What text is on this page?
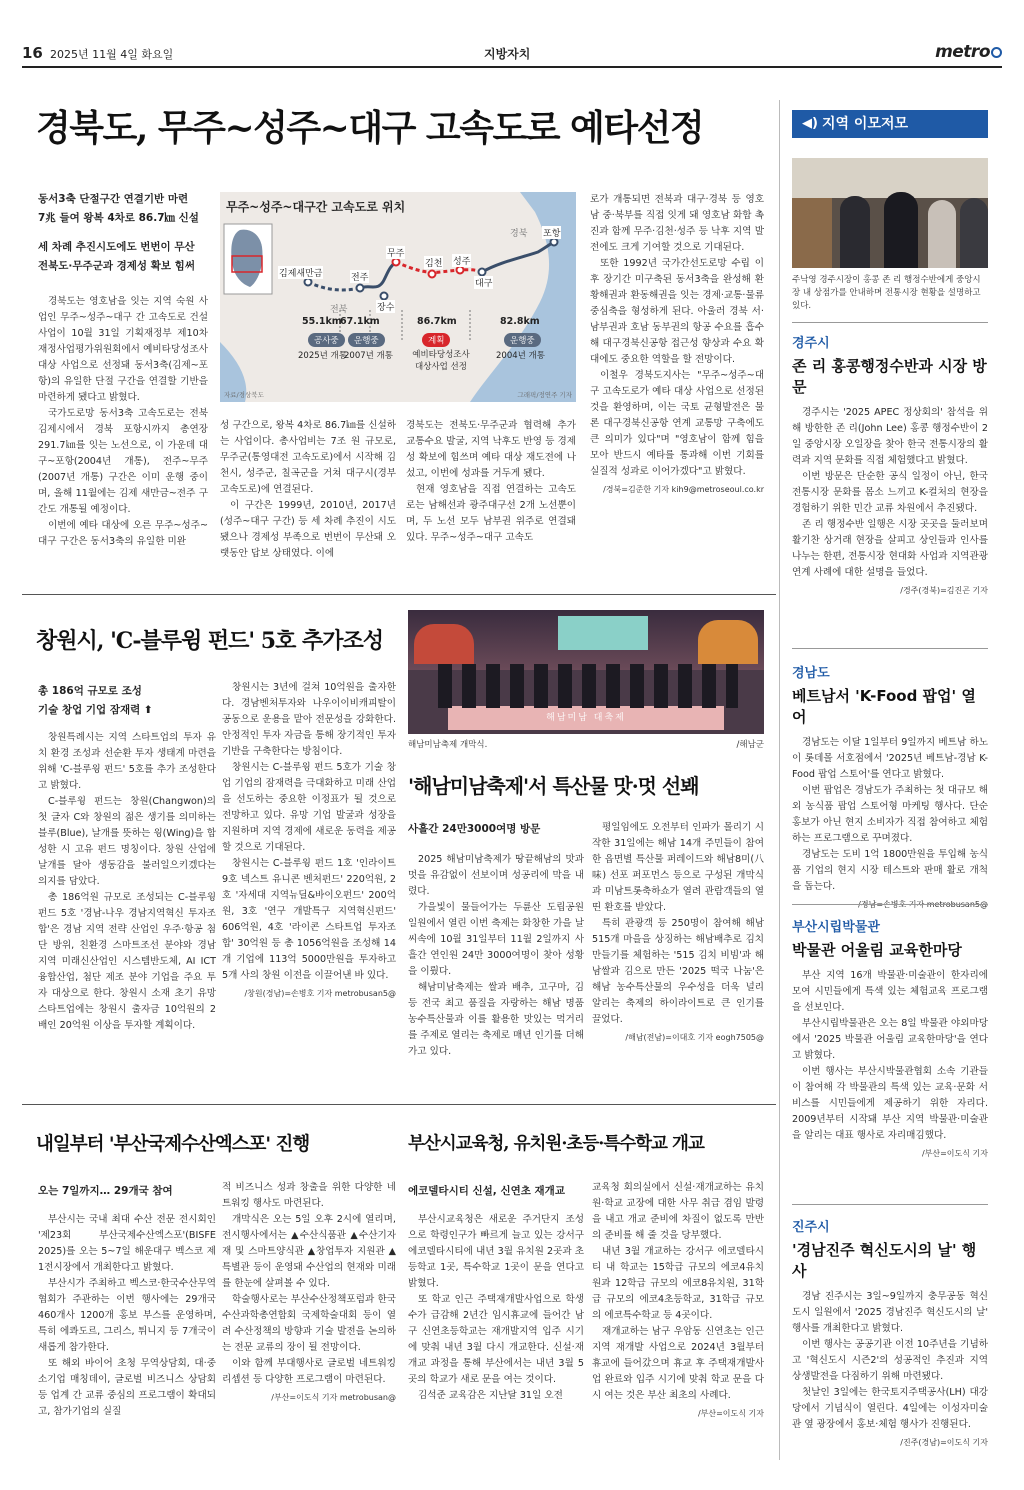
16 2025년 11월 4일 화요일	지방자치	metro
경북도, 무주~성주~대구 고속도로 예타선정
동서3축 단절구간 연결기반 마련
7兆 들여 왕복 4차로 86.7㎞ 신설
세 차례 추진시도에도 번번이 무산
전북도·무주군과 경제성 확보 힘써

경북도는 영호남을 잇는 지역 숙원 사업인 무주~성주~대구 간 고속도로 건설사업이 10월 31일 기획재정부 제10차 재정사업평가위원회에서 예비타당성조사 대상 사업으로 선정돼 동서3축(김제~포항)의 유일한 단절 구간을 연결할 기반을 마련하게 됐다고 밝혔다.

국가도로망 동서3축 고속도로는 전북 김제시에서 경북 포항시까지 총연장 291.7㎞를 잇는 노선으로, 이 가운데 대구~포항(2004년 개통), 전주~무주(2007년 개통) 구간은 이미 운행 중이며, 올해 11월에는 김제 새만금~전주 구간도 개통될 예정이다.

이번에 예타 대상에 오른 무주~성주~대구 구간은 동서3축의 유일한 미완

무주~성주~대구간 고속도로 위치
전북
경북
김제새만금	전주
무주
김천 성주
장수
대구
포항
55.1km
67.1km	86.7km	82.8km
공사중	운행중	계획	운행중
2025년 개통
2007년 개통	예비타당성조사
대상사업 선정
2004년 개통
자료/경상북도	그래픽/정연주 기자

성 구간으로, 왕복 4차로 86.7㎞를 신설하는 사업이다. 총사업비는 7조 원 규모로, 무주군(통영대전 고속도로)에서 시작해 김천시, 성주군, 칠곡군을 거쳐 대구시(경부고속도로)에 연결된다.

이 구간은 1999년, 2010년, 2017년(성주~대구 구간) 등 세 차례 추진이 시도됐으나 경제성 부족으로 번번이 무산돼 오랫동안 답보 상태였다. 이에

경북도는 전북도·무주군과 협력해 추가 교통수요 발굴, 지역 낙후도 반영 등 경제성 확보에 힘쓰며 예타 대상 재도전에 나섰고, 이번에 성과를 거두게 됐다.

현재 영호남을 직접 연결하는 고속도로는 남해선과 광주대구선 2개 노선뿐이며, 두 노선 모두 남부권 위주로 연결돼 있다. 무주~성주~대구 고속도

로가 개통되면 전북과 대구·경북 등 영호남 중·북부를 직접 잇게 돼 영호남 화합 촉진과 함께 무주·김천·성주 등 낙후 지역 발전에도 크게 기여할 것으로 기대된다.

또한 1992년 국가간선도로망 수립 이후 장기간 미구축된 동서3축을 완성해 환황해권과 환동해권을 잇는 경제·교통·물류 중심축을 형성하게 된다. 아울러 경북 서·남부권과 호남 동부권의 항공 수요를 흡수해 대구경북신공항 접근성 향상과 수요 확대에도 중요한 역할을 할 전망이다.

이철우 경북도지사는 "무주~성주~대구 고속도로가 예타 대상 사업으로 선정된 것을 환영하며, 이는 국토 균형발전은 물론 대구경북신공항 연계 교통망 구축에도 큰 의미가 있다"며 "영호남이 함께 힘을 모아 반드시 예타를 통과해 이번 기회를 실질적 성과로 이어가겠다"고 밝혔다.

/경북=김준한 기자 kih9@metroseoul.co.kr
창원시, 'C-블루윙 펀드' 5호 추가조성
총 186억 규모로 조성
기술 창업 기업 잠재력 ⬆

창원특례시는 지역 스타트업의 투자 유치 환경 조성과 선순환 투자 생태계 마련을 위해 'C-블루윙 펀드' 5호를 추가 조성한다고 밝혔다.

C-블루윙 펀드는 창원(Changwon)의 첫 글자 C와 창원의 젊은 생기를 의미하는 블루(Blue), 날개를 뜻하는 윙(Wing)을 합성한 시 고유 펀드 명칭이다. 창원 산업에 날개를 달아 생동감을 불러일으키겠다는 의지를 담았다.

총 186억원 규모로 조성되는 C-블루윙 펀드 5호 '경남-나우 경남지역혁신 투자조합'은 경남 지역 전략 산업인 우주·항공 첨단 방위, 친환경 스마트조선 분야와 경남 지역 미래신산업인 시스템반도체, AI ICT융합산업, 첨단 제조 분야 기업을 주요 투자 대상으로 한다. 창원시 소재 초기 유망 스타트업에는 창원시 출자금 10억원의 2배인 20억원 이상을 투자할 계획이다.

창원시는 3년에 걸쳐 10억원을 출자한다. 경남벤처투자와 나우이이비캐피탈이 공동으로 운용을 맡아 전문성을 강화한다. 안정적인 투자 자금을 통해 장기적인 투자 기반을 구축한다는 방침이다.

창원시는 C-블루윙 펀드 5호가 기술 창업 기업의 잠재력을 극대화하고 미래 산업을 선도하는 중요한 이정표가 될 것으로 전망하고 있다. 유망 기업 발굴과 성장을 지원하며 지역 경제에 새로운 동력을 제공할 것으로 기대된다.

창원시는 C-블루윙 펀드 1호 '인라이트 9호 넥스트 유니콘 벤처펀드' 220억원, 2호 '자세대 지역뉴딜&바이오펀드' 200억원, 3호 '연구 개발특구 지역혁신펀드' 606억원, 4호 '라이콘 스타트업 투자조합' 30억원 등 총 1056억원을 조성해 14개 기업에 113억 5000만원을 투자하고 5개 사의 창원 이전을 이끌어낸 바 있다.

/창원(경남)=손병호 기자 metrobusan5@
해남미남 대축제
해남미남축제 개막식.	/해남군
'해남미남축제'서 특산물 맛·멋 선봬
사흘간 24만3000여명 방문

2025 해남미남축제가 땅끝해남의 맛과 멋을 유감없이 선보이며 성공리에 막을 내렸다.

가을빛이 물들어가는 두륜산 도립공원 일원에서 열린 이번 축제는 화창한 가을 날씨속에 10월 31일부터 11월 2일까지 사흘간 연인원 24만 3000여명이 찾아 성황을 이뤘다.

해남미남축제는 쌀과 배추, 고구마, 김 등 전국 최고 품질을 자랑하는 해남 명품 농수특산물과 이를 활용한 맛있는 먹거리를 주제로 열리는 축제로 매년 인기를 더해가고 있다.

평일임에도 오전부터 인파가 몰리기 시작한 31일에는 해남 14개 주민들이 참여한 읍면별 특산물 퍼레이드와 해남8미(八味) 선포 퍼포먼스 등으로 구성된 개막식과 미남트롯축하쇼가 열려 관람객들의 열띤 환호를 받았다.

특히 관광객 등 250명이 참여해 해남 515개 마을을 상징하는 해남배추로 김치만들기를 체험하는 '515 김치 비빔'과 해남쌀과 김으로 만든 '2025 떡국 나눔'은 해남 농수특산물의 우수성을 더욱 널리 알리는 축제의 하이라이트로 큰 인기를 끌었다.

/해남(전남)=이대호 기자 eogh7505@
내일부터 '부산국제수산엑스포' 진행
오는 7일까지… 29개국 참여

부산시는 국내 최대 수산 전문 전시회인 '제23회 부산국제수산엑스포'(BISFE 2025)를 오는 5~7일 해운대구 벡스코 제1전시장에서 개최한다고 밝혔다.

부산시가 주최하고 벡스코·한국수산무역협회가 주관하는 이번 행사에는 29개국 460개사 1200개 홍보 부스를 운영하며, 특히 에콰도르, 그리스, 튀니지 등 7개국이 새롭게 참가한다.

또 해외 바이어 초청 무역상담회, 대·중소기업 매칭데이, 글로벌 비즈니스 상담회 등 업계 간 교류 중심의 프로그램이 확대되고, 참가기업의 실질

적 비즈니스 성과 창출을 위한 다양한 네트워킹 행사도 마련된다.

개막식은 오는 5일 오후 2시에 열리며, 전시행사에서는 ▲수산식품관 ▲수산기자재 및 스마트양식관 ▲창업투자 지원관 ▲특별관 등이 운영돼 수산업의 현재와 미래를 한눈에 살펴볼 수 있다.

학술행사로는 부산수산정책포럼과 한국수산과학총연합회 국제학술대회 등이 열려 수산정책의 방향과 기술 발전을 논의하는 전문 교류의 장이 될 전망이다.

이와 함께 부대행사로 글로벌 네트워킹 리셉션 등 다양한 프로그램이 마련된다.

/부산=이도식 기자 metrobusan@
부산시교육청, 유치원·초등·특수학교 개교
에코델타시티 신설, 신연초 재개교

부산시교육청은 새로운 주거단지 조성으로 학령인구가 빠르게 늘고 있는 강서구 에코델타시티에 내년 3월 유치원 2곳과 초등학교 1곳, 특수학교 1곳이 문을 연다고 밝혔다.

또 학교 인근 주택재개발사업으로 학생 수가 급감해 2년간 임시휴교에 들어간 남구 신연초등학교는 재개발지역 입주 시기에 맞춰 내년 3월 다시 개교한다. 신설·재개교 과정을 통해 부산에서는 내년 3월 5곳의 학교가 새로 문을 여는 것이다.

김석준 교육감은 지난달 31일 오전

교육청 회의실에서 신설·재개교하는 유치원·학교 교장에 대한 사무 취급 겸임 발령을 내고 개교 준비에 차질이 없도록 만반의 준비를 해 줄 것을 당부했다.

내년 3월 개교하는 강서구 에코델타시티 내 학교는 15학급 규모의 에코4유치원과 12학급 규모의 에코8유치원, 31학급 규모의 에코4초등학교, 31학급 규모의 에코특수학교 등 4곳이다.

재개교하는 남구 우암동 신연초는 인근 지역 재개발 사업으로 2024년 3월부터 휴교에 들어갔으며 휴교 후 주택재개발사업 완료와 입주 시기에 맞춰 학교 문을 다시 여는 것은 부산 최초의 사례다.

/부산=이도식 기자
◀) 지역 이모저모
주낙영 경주시장이 홍콩 존 리 행정수반에게 중앙시장 내 상점가를 안내하며 전통시장 현황을 설명하고 있다.
경주시
존 리 홍콩행정수반과 시장 방문

경주시는 '2025 APEC 정상회의' 참석을 위해 방한한 존 리(John Lee) 홍콩 행정수반이 2일 중앙시장 오일장을 찾아 한국 전통시장의 활력과 지역 문화를 직접 체험했다고 밝혔다.

이번 방문은 단순한 공식 일정이 아닌, 한국 전통시장 문화를 몸소 느끼고 K-컬처의 현장을 경험하기 위한 민간 교류 차원에서 추진됐다.

존 리 행정수반 일행은 시장 곳곳을 둘러보며 활기찬 상거래 현장을 살피고 상인들과 인사를 나누는 한편, 전통시장 현대화 사업과 지역관광 연계 사례에 대한 설명을 들었다.

/경주(경북)=김진곤 기자
경남도
베트남서 'K-Food 팝업' 열어

경남도는 이달 1일부터 9일까지 베트남 하노이 롯데몰 서호점에서 '2025년 베트남-경남 K-Food 팝업 스토어'를 연다고 밝혔다.

이번 팝업은 경남도가 주최하는 첫 대규모 해외 농식품 팝업 스토어형 마케팅 행사다. 단순 홍보가 아닌 현지 소비자가 직접 참여하고 체험하는 프로그램으로 꾸며졌다.

경남도는 도비 1억 1800만원을 투입해 농식품 기업의 현지 시장 테스트와 판매 활로 개척을 돕는다.

부산시립박물관
박물관 어울림 교육한마당

부산 지역 16개 박물관·미술관이 한자리에 모여 시민들에게 특색 있는 체험교육 프로그램을 선보인다.

부산시립박물관은 오는 8일 박물관 야외마당에서 '2025 박물관 어울림 교육한마당'을 연다고 밝혔다.

이번 행사는 부산시박물관협회 소속 기관들이 참여해 각 박물관의 특색 있는 교육·문화 서비스를 시민들에게 제공하기 위한 자리다. 2009년부터 시작돼 부산 지역 박물관·미술관을 알리는 대표 행사로 자리매김했다.

/부산=이도식 기자
진주시
'경남진주 혁신도시의 날' 행사

경남 진주시는 3일~9일까지 충무공동 혁신도시 일원에서 '2025 경남진주 혁신도시의 날' 행사를 개최한다고 밝혔다.

이번 행사는 공공기관 이전 10주년을 기념하고 '혁신도시 시즌2'의 성공적인 추진과 지역 상생발전을 다짐하기 위해 마련됐다.

첫날인 3일에는 한국토지주택공사(LH) 대강당에서 기념식이 열린다. 4일에는 이성자미술관 옆 광장에서 홍보·체험 행사가 진행된다.

/진주(경남)=이도식 기자
